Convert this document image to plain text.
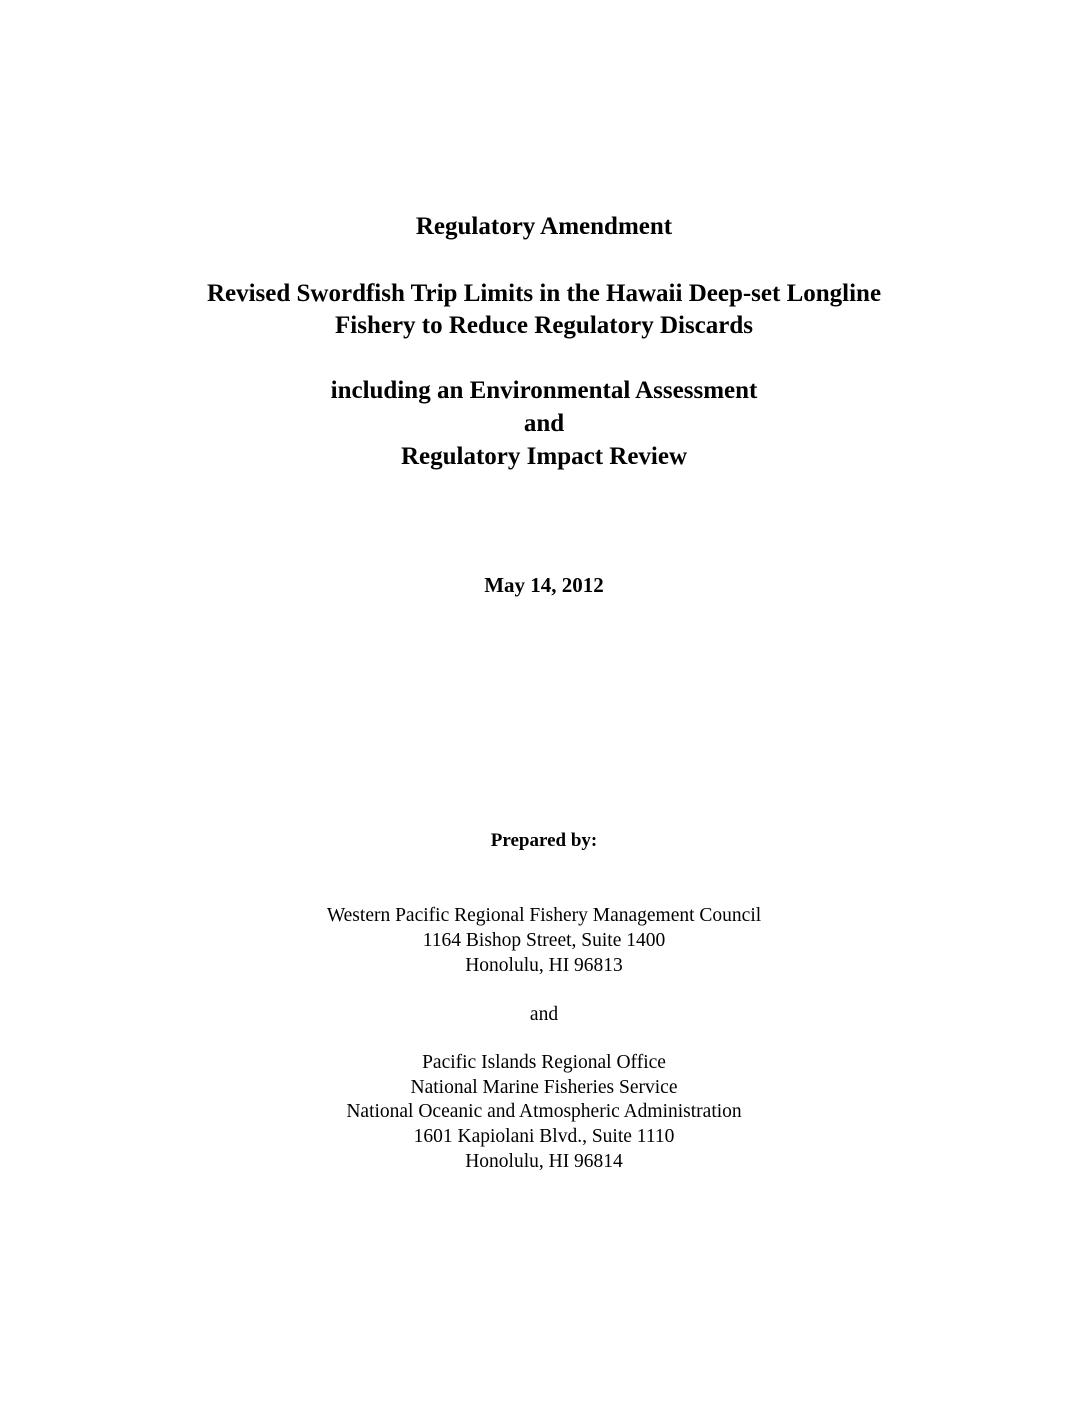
Regulatory Amendment
Revised Swordfish Trip Limits in the Hawaii Deep-set Longline
Fishery to Reduce Regulatory Discards
including an Environmental Assessment
and
Regulatory Impact Review
May 14, 2012
Prepared by:
Western Pacific Regional Fishery Management Council
1164 Bishop Street, Suite 1400
Honolulu, HI 96813
and
Pacific Islands Regional Office
National Marine Fisheries Service
National Oceanic and Atmospheric Administration
1601 Kapiolani Blvd., Suite 1110
Honolulu, HI 96814
